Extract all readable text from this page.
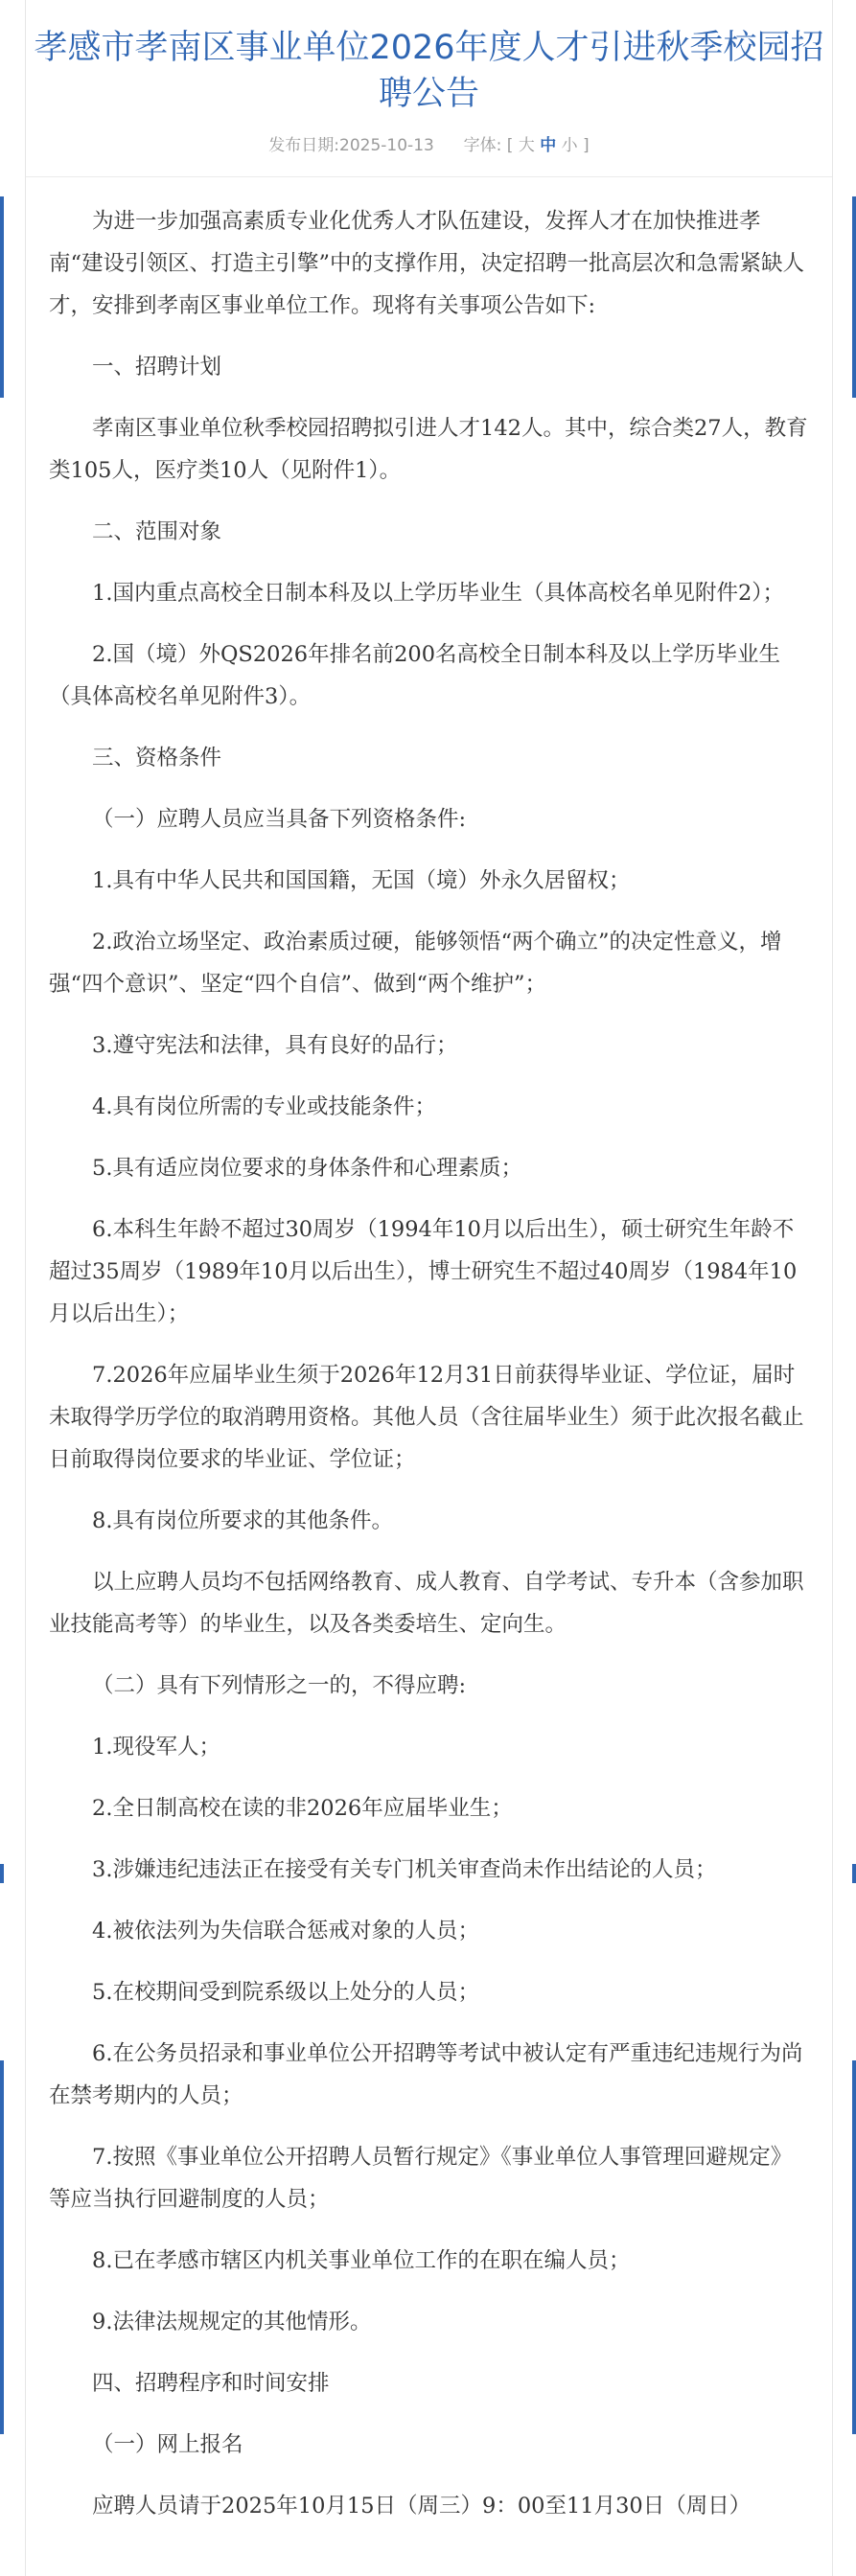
孝感市孝南区事业单位2026年度人才引进秋季校园招聘公告
发布日期:2025-10-13 字体: [ 大 中 小 ]

为进一步加强高素质专业化优秀人才队伍建设，发挥人才在加快推进孝南“建设引领区、打造主引擎”中的支撑作用，决定招聘一批高层次和急需紧缺人才，安排到孝南区事业单位工作。现将有关事项公告如下:

一、招聘计划

孝南区事业单位秋季校园招聘拟引进人才142人。其中，综合类27人，教育类105人，医疗类10人（见附件1）。

二、范围对象

1.国内重点高校全日制本科及以上学历毕业生（具体高校名单见附件2）；

2.国（境）外QS2026年排名前200名高校全日制本科及以上学历毕业生（具体高校名单见附件3）。

三、资格条件

（一）应聘人员应当具备下列资格条件:

1.具有中华人民共和国国籍，无国（境）外永久居留权；

2.政治立场坚定、政治素质过硬，能够领悟“两个确立”的决定性意义，增强“四个意识”、坚定“四个自信”、做到“两个维护”；

3.遵守宪法和法律，具有良好的品行；

4.具有岗位所需的专业或技能条件；

5.具有适应岗位要求的身体条件和心理素质；

6.本科生年龄不超过30周岁（1994年10月以后出生），硕士研究生年龄不超过35周岁（1989年10月以后出生），博士研究生不超过40周岁（1984年10月以后出生）；

7.2026年应届毕业生须于2026年12月31日前获得毕业证、学位证，届时未取得学历学位的取消聘用资格。其他人员（含往届毕业生）须于此次报名截止日前取得岗位要求的毕业证、学位证；

8.具有岗位所要求的其他条件。

以上应聘人员均不包括网络教育、成人教育、自学考试、专升本（含参加职业技能高考等）的毕业生，以及各类委培生、定向生。

（二）具有下列情形之一的，不得应聘:

1.现役军人；

2.全日制高校在读的非2026年应届毕业生；

3.涉嫌违纪违法正在接受有关专门机关审查尚未作出结论的人员；

4.被依法列为失信联合惩戒对象的人员；

5.在校期间受到院系级以上处分的人员；

6.在公务员招录和事业单位公开招聘等考试中被认定有严重违纪违规行为尚在禁考期内的人员；

7.按照《事业单位公开招聘人员暂行规定》《事业单位人事管理回避规定》等应当执行回避制度的人员；

8.已在孝感市辖区内机关事业单位工作的在职在编人员；

9.法律法规规定的其他情形。

四、招聘程序和时间安排

（一）网上报名

应聘人员请于2025年10月15日（周三）9：00至11月30日（周日）
